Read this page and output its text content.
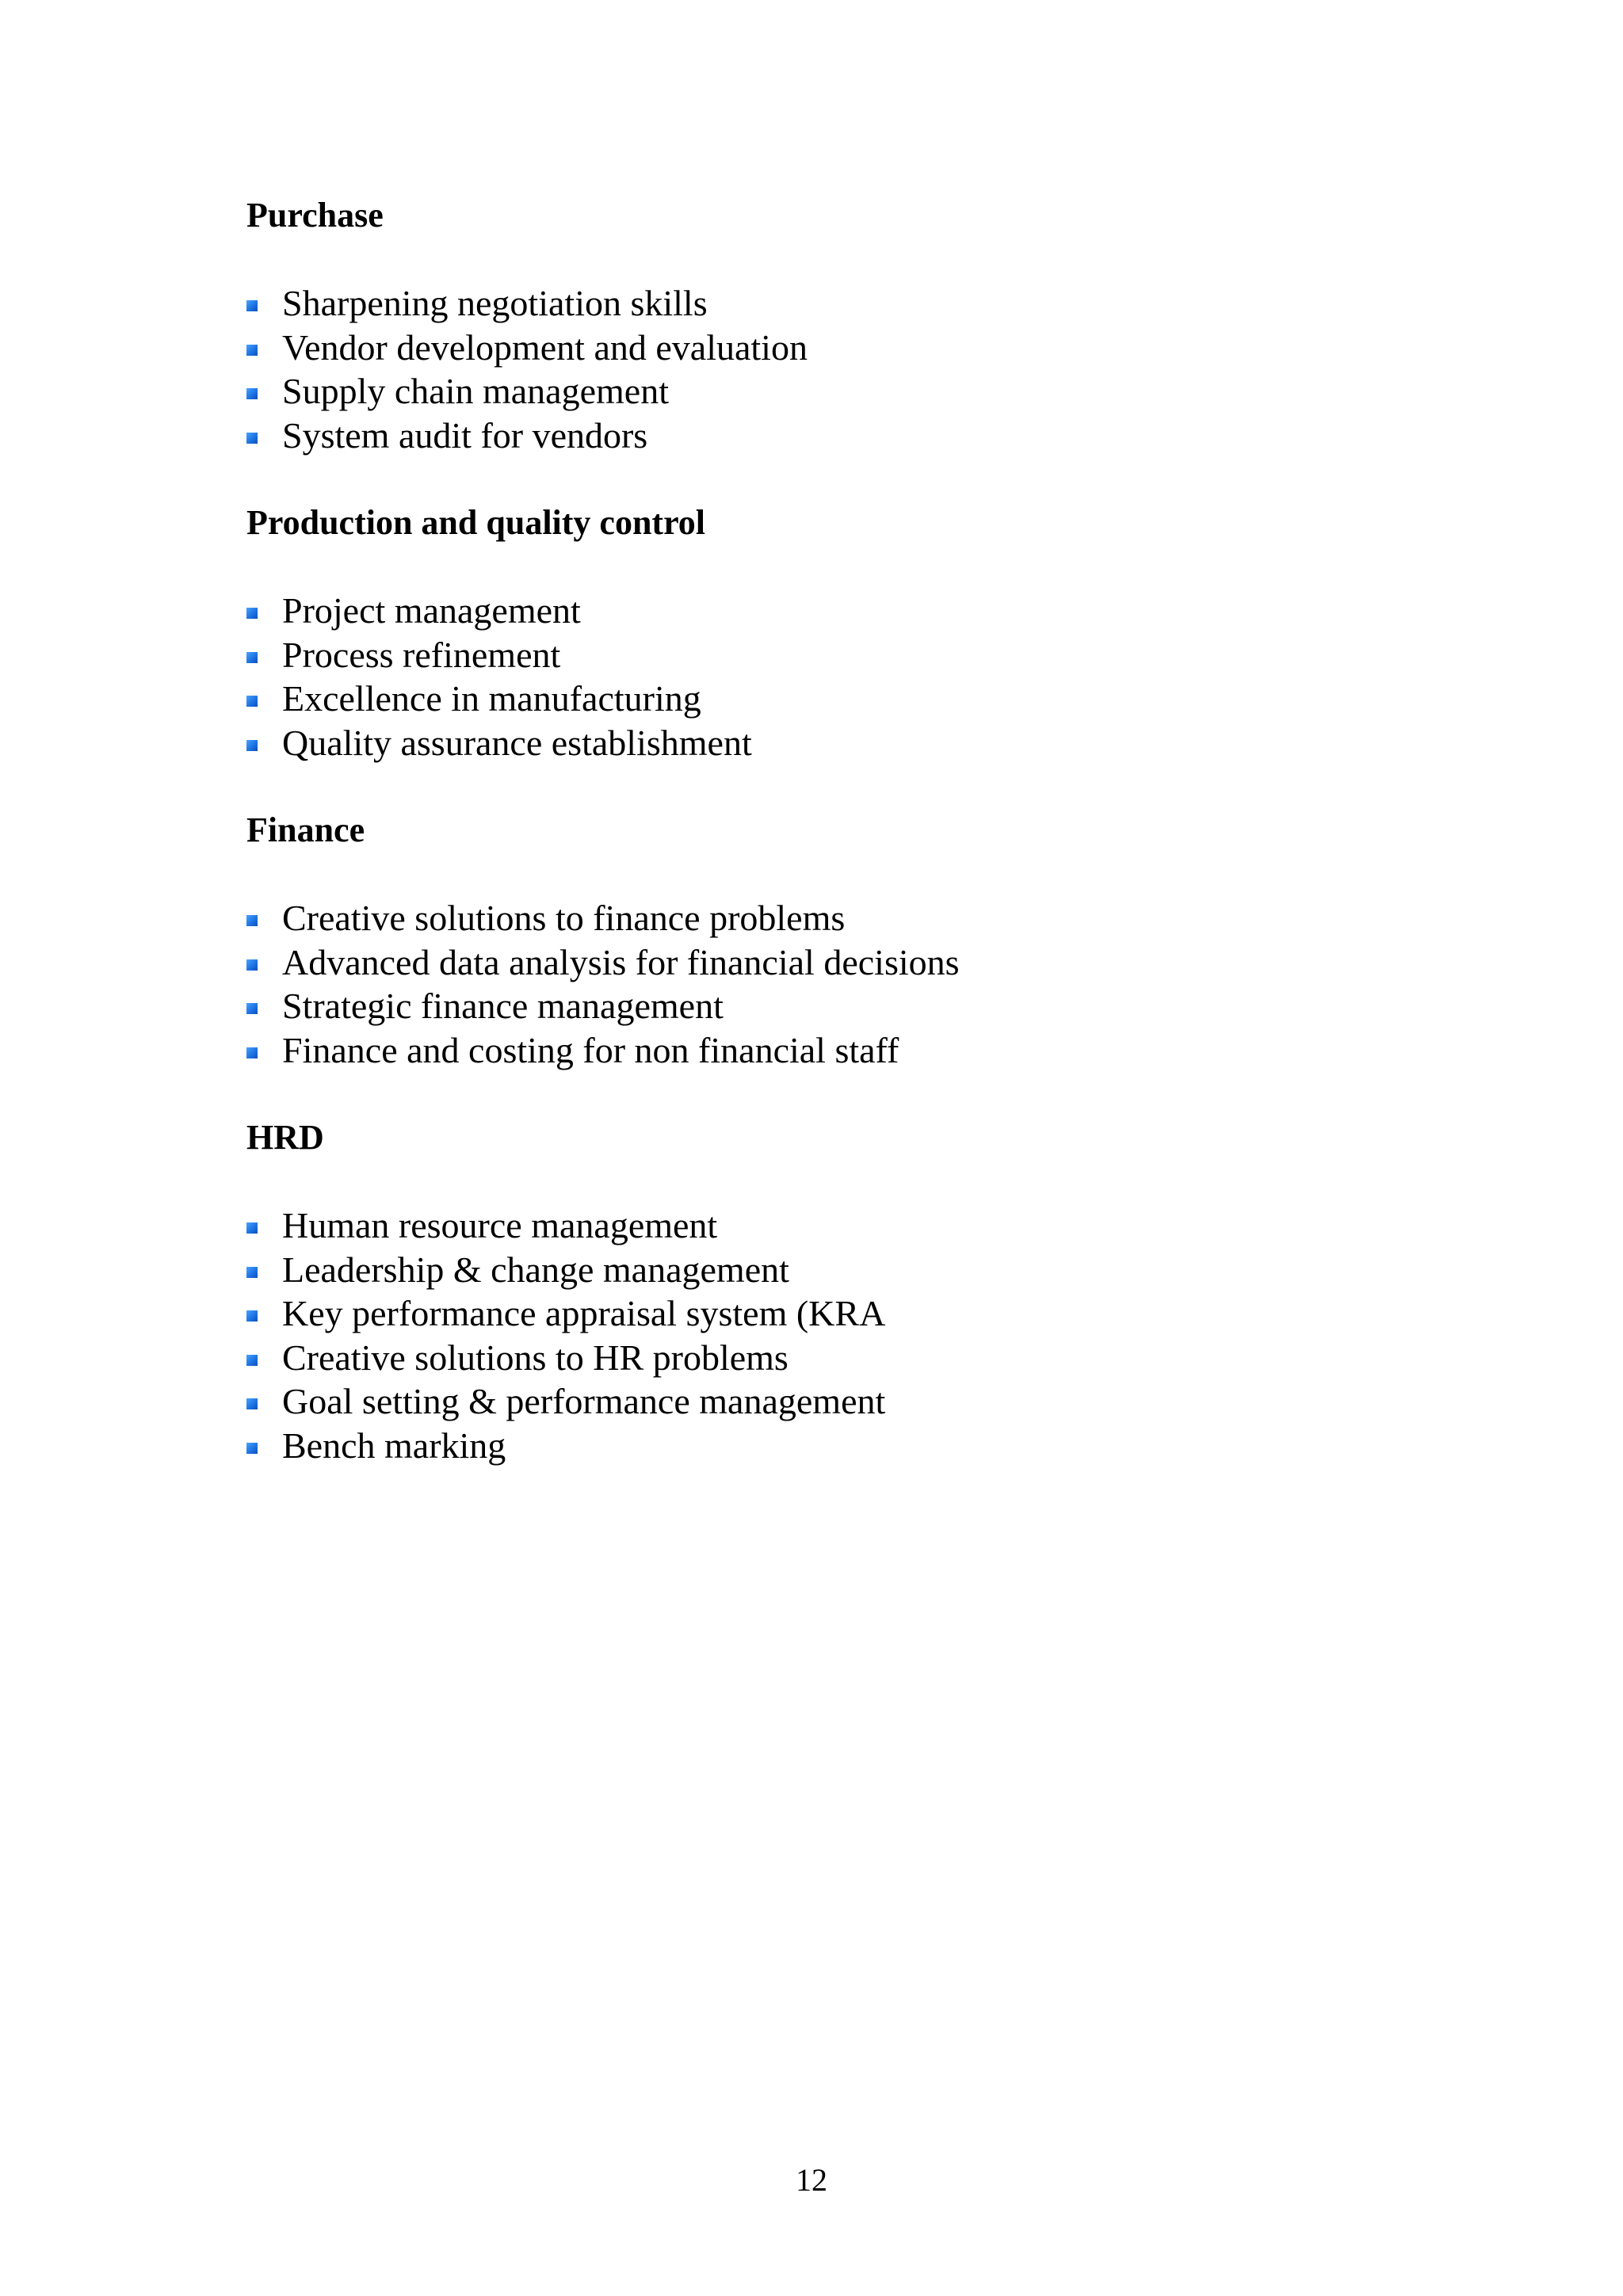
Purchase
Sharpening negotiation skills
Vendor development and evaluation
Supply chain management
System audit for vendors
Production and quality control
Project management
Process refinement
Excellence in manufacturing
Quality assurance establishment
Finance
Creative solutions to finance problems
Advanced data analysis for financial decisions
Strategic finance management
Finance and costing for non financial staff
HRD
Human resource management
Leadership & change management
Key performance appraisal system (KRA
Creative solutions to HR problems
Goal setting & performance management
Bench marking
12
